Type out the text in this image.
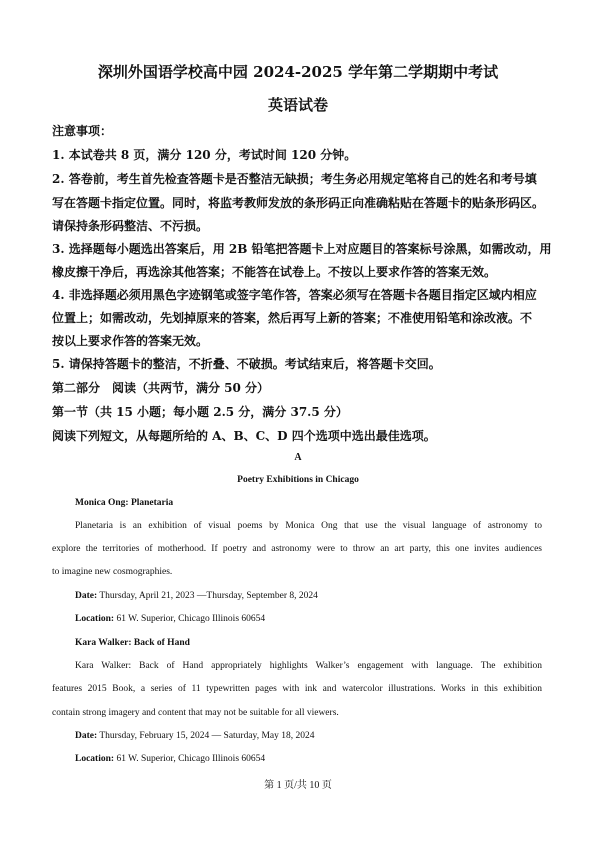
深圳外国语学校高中园 2024-2025 学年第二学期期中考试
英语试卷
注意事项：
1. 本试卷共 8 页，满分 120 分，考试时间 120 分钟。
2. 答卷前，考生首先检查答题卡是否整洁无缺损；考生务必用规定笔将自己的姓名和考号填
写在答题卡指定位置。同时，将监考教师发放的条形码正向准确粘贴在答题卡的贴条形码区。
请保持条形码整洁、不污损。
3. 选择题每小题选出答案后，用 2B 铅笔把答题卡上对应题目的答案标号涂黑，如需改动，用
橡皮擦干净后，再选涂其他答案；不能答在试卷上。不按以上要求作答的答案无效。
4. 非选择题必须用黑色字迹钢笔或签字笔作答，答案必须写在答题卡各题目指定区域内相应
位置上；如需改动，先划掉原来的答案，然后再写上新的答案；不准使用铅笔和涂改液。不
按以上要求作答的答案无效。
5. 请保持答题卡的整洁，不折叠、不破损。考试结束后，将答题卡交回。
第二部分　阅读（共两节，满分 50 分）
第一节（共 15 小题；每小题 2.5 分，满分 37.5 分）
阅读下列短文，从每题所给的 A、B、C、D 四个选项中选出最佳选项。
A
Poetry Exhibitions in Chicago
Monica Ong: Planetaria
Planetaria is an exhibition of visual poems by Monica Ong that use the visual language of astronomy to
explore the territories of motherhood. If poetry and astronomy were to throw an art party, this one invites audiences
to imagine new cosmographies.
Date: Thursday, April 21, 2023 —Thursday, September 8, 2024
Location: 61 W. Superior, Chicago Illinois 60654
Kara Walker: Back of Hand
Kara Walker: Back of Hand appropriately highlights Walker’s engagement with language. The exhibition
features 2015 Book, a series of 11 typewritten pages with ink and watercolor illustrations. Works in this exhibition
contain strong imagery and content that may not be suitable for all viewers.
Date: Thursday, February 15, 2024 — Saturday, May 18, 2024
Location: 61 W. Superior, Chicago Illinois 60654
第 1 页/共 10 页
